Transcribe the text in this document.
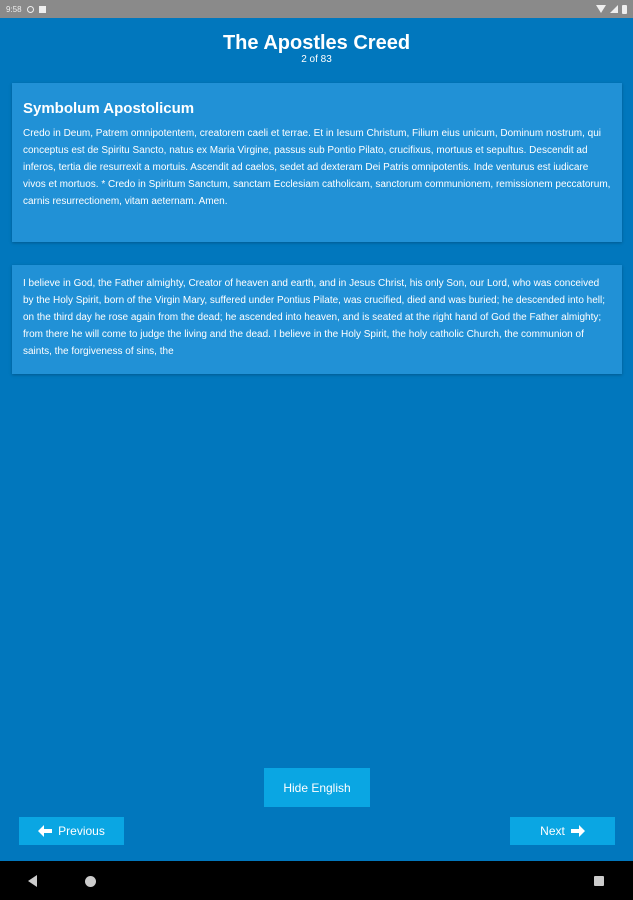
9:58
The Apostles Creed
2 of 83
Symbolum Apostolicum
Credo in Deum, Patrem omnipotentem, creatorem caeli et terrae. Et in Iesum Christum, Filium eius unicum, Dominum nostrum, qui conceptus est de Spiritu Sancto, natus ex Maria Virgine, passus sub Pontio Pilato, crucifixus, mortuus et sepultus. Descendit ad inferos, tertia die resurrexit a mortuis. Ascendit ad caelos, sedet ad dexteram Dei Patris omnipotentis. Inde venturus est iudicare vivos et mortuos. * Credo in Spiritum Sanctum, sanctam Ecclesiam catholicam, sanctorum communionem, remissionem peccatorum, carnis resurrectionem, vitam aeternam. Amen.
I believe in God, the Father almighty, Creator of heaven and earth, and in Jesus Christ, his only Son, our Lord, who was conceived by the Holy Spirit, born of the Virgin Mary, suffered under Pontius Pilate, was crucified, died and was buried; he descended into hell; on the third day he rose again from the dead; he ascended into heaven, and is seated at the right hand of God the Father almighty; from there he will come to judge the living and the dead. I believe in the Holy Spirit, the holy catholic Church, the communion of saints, the forgiveness of sins, the
Hide English
Previous	Next
